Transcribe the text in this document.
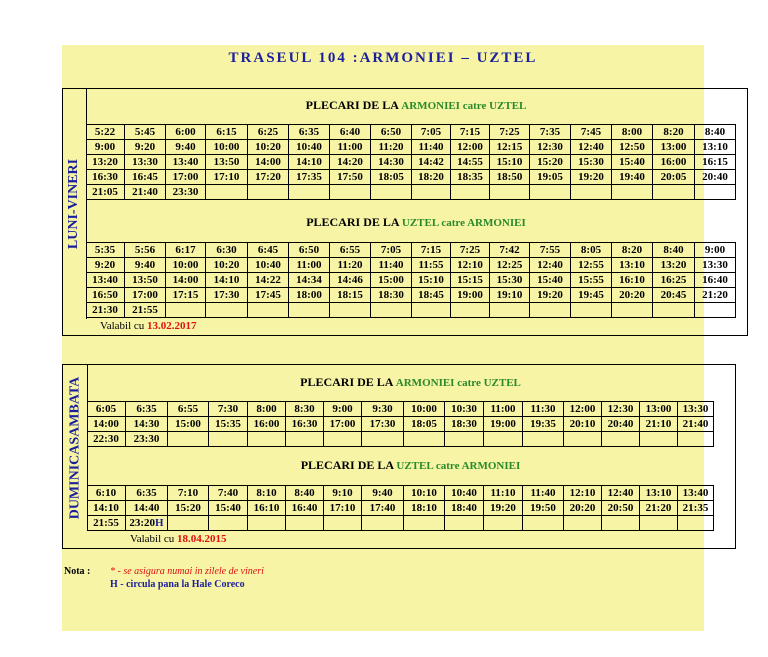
TRASEUL 104 :ARMONIEI – UZTEL
LUNI-VINERI
PLECARI DE LA ARMONIEI catre UZTEL
5:22	5:45	6:00	6:15	6:25	6:35	6:40	6:50	7:05	7:15	7:25	7:35	7:45	8:00	8:20	8:40
9:00	9:20	9:40	10:00	10:20	10:40	11:00	11:20	11:40	12:00	12:15	12:30	12:40	12:50	13:00	13:10
13:20	13:30	13:40	13:50	14:00	14:10	14:20	14:30	14:42	14:55	15:10	15:20	15:30	15:40	16:00	16:15
16:30	16:45	17:00	17:10	17:20	17:35	17:50	18:05	18:20	18:35	18:50	19:05	19:20	19:40	20:05	20:40
21:05	21:40	23:30
PLECARI DE LA UZTEL catre ARMONIEI
5:35	5:56	6:17	6:30	6:45	6:50	6:55	7:05	7:15	7:25	7:42	7:55	8:05	8:20	8:40	9:00
9:20	9:40	10:00	10:20	10:40	11:00	11:20	11:40	11:55	12:10	12:25	12:40	12:55	13:10	13:20	13:30
13:40	13:50	14:00	14:10	14:22	14:34	14:46	15:00	15:10	15:15	15:30	15:40	15:55	16:10	16:25	16:40
16:50	17:00	17:15	17:30	17:45	18:00	18:15	18:30	18:45	19:00	19:10	19:20	19:45	20:20	20:45	21:20
21:30	21:55
Valabil cu 13.02.2017
DUMINICASAMBATA	PLECARI DE LA ARMONIEI catre UZTEL
6:05	6:35	6:55	7:30	8:00	8:30	9:00	9:30	10:00	10:30	11:00	11:30	12:00	12:30	13:00	13:30
14:00	14:30	15:00	15:35	16:00	16:30	17:00	17:30	18:05	18:30	19:00	19:35	20:10	20:40	21:10	21:40
22:30	23:30
PLECARI DE LA UZTEL catre ARMONIEI
6:10	6:35	7:10	7:40	8:10	8:40	9:10	9:40	10:10	10:40	11:10	11:40	12:10	12:40	13:10	13:40
14:10	14:40	15:20	15:40	16:10	16:40	17:10	17:40	18:10	18:40	19:20	19:50	20:20	20:50	21:20	21:35
21:55 23:20H
Valabil cu 18.04.2015
Nota : * - se asigura numai in zilele de vineri
H - circula pana la Hale Coreco
